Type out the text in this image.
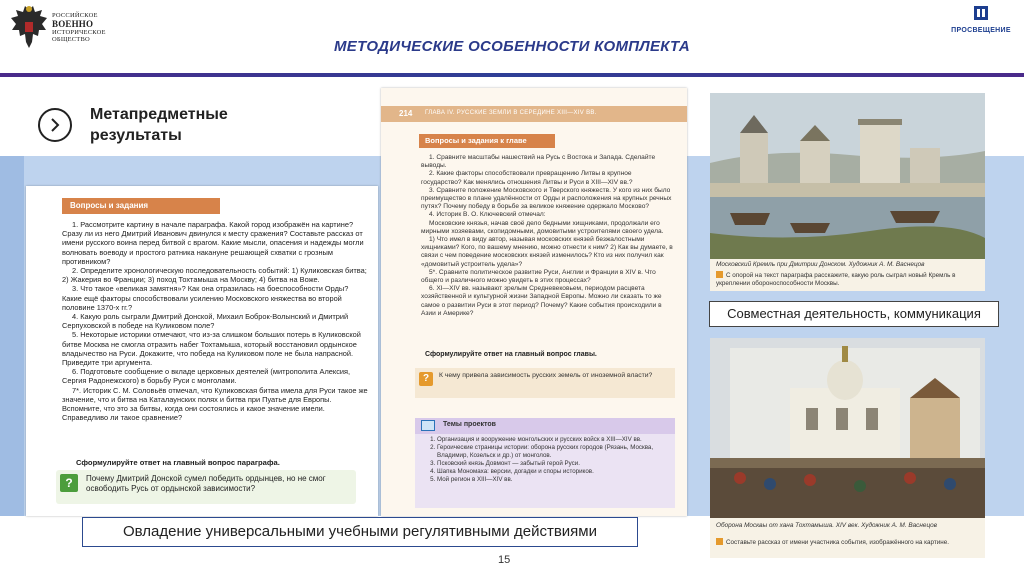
РОССИЙСКОЕ
ВОЕННО
ИСТОРИЧЕСКОЕ
ОБЩЕСТВО	МЕТОДИЧЕСКИЕ ОСОБЕННОСТИ КОМПЛЕКТА
ПРОСВЕЩЕНИЕ
Метапредметные
результаты
Вопросы и задания

1. Рассмотрите картину в начале параграфа. Какой город изображён на картине? Сразу ли из него Дмитрий Иванович двинулся к месту сражения? Составьте рассказ от имени русского воина перед битвой с врагом. Какие мысли, опасения и надежды могли волновать воеводу и простого ратника накануне решающей схватки с грозным противником?

2. Определите хронологическую последовательность событий: 1) Куликовская битва; 2) Жакерия во Франции; 3) поход Тохтамыша на Москву; 4) битва на Воже.

3. Что такое «великая замятня»? Как она отразилась на боеспособности Орды? Какие ещё факторы способствовали усилению Московского княжества во второй половине 1370-х гг.?

4. Какую роль сыграли Дмитрий Донской, Михаил Боброк-Волынский и Дмитрий Серпуховской в победе на Куликовом поле?

5. Некоторые историки отмечают, что из-за слишком больших потерь в Куликовской битве Москва не смогла отразить набег Тохтамыша, который восстановил ордынское владычество на Руси. Докажите, что победа на Куликовом поле не была напрасной. Приведите три аргумента.

6. Подготовьте сообщение о вкладе церковных деятелей (митрополита Алексия, Сергия Радонежского) в борьбу Руси с монголами.

7*. Историк С. М. Соловьёв отмечал, что Куликовская битва имела для Руси такое же значение, что и битва на Каталаунских полях и битва при Пуатье для Европы. Вспомните, что это за битвы, когда они состоялись и какое значение имели. Справедливо ли такое сравнение?

Сформулируйте ответ на главный вопрос параграфа.
?	Почему Дмитрий Донской сумел победить ордынцев, но не смог освободить Русь от ордынской зависимости?
214 ГЛАВА IV. РУССКИЕ ЗЕМЛИ В СЕРЕДИНЕ XIII—XIV ВВ.
Вопросы и задания к главе

1. Сравните масштабы нашествий на Русь с Востока и Запада. Сделайте выводы.

2. Какие факторы способствовали превращению Литвы в крупное государство? Как менялись отношения Литвы и Руси в XIII—XIV вв.?

3. Сравните положение Московского и Тверского княжеств. У кого из них было преимущество в плане удалённости от Орды и расположения на крупных речных путях? Почему победу в борьбе за великое княжение одержало Москово?

4. Историк В. О. Ключевский отмечал:

Московские князья, начав своё дело бедными хищниками, продолжали его мирными хозяевами, скопидомными, домовитыми устроителями своего удела.

1) Что имел в виду автор, называя московских князей безжалостными хищниками? Кого, по вашему мнению, можно отнести к ним? 2) Как вы думаете, в связи с чем поведение московских князей изменилось? Кто из них получил как «домовитый устроитель удела»?

5*. Сравните политическое развитие Руси, Англии и Франции в XIV в. Что общего и различного можно увидеть в этих процессах?

6. XI—XIV вв. называют зрелым Средневековьем, периодом расцвета хозяйственной и культурной жизни Западной Европы. Можно ли сказать то же самое о развитии Руси в этот период? Почему? Какие события происходили в Азии и Америке?

Сформулируйте ответ на главный вопрос главы.
?	К чему привела зависимость русских земель от иноземной власти?
Темы проектов
1. Организация и вооружение монгольских и русских войск в XIII—XIV вв.
2. Героические страницы истории: оборона русских городов (Рязань, Москва, Владимир, Козельск и др.) от монголов.
3. Псковский князь Довмонт — забытый герой Руси.
4. Шапка Мономаха: версии, догадки и споры историков.
5. Мой регион в XIII—XIV вв.
Московский Кремль при Дмитрии Донском. Художник А. М. Васнецов
С опорой на текст параграфа расскажите, какую роль сыграл новый Кремль в укреплении обороноспособности Москвы.
Совместная деятельность, коммуникация
Оборона Москвы от хана Тохтамыша. XIV век. Художник А. М. Васнецов
Составьте рассказ от имени участника события, изображённого на картине.
Овладение универсальными учебными регулятивными действиями
15
